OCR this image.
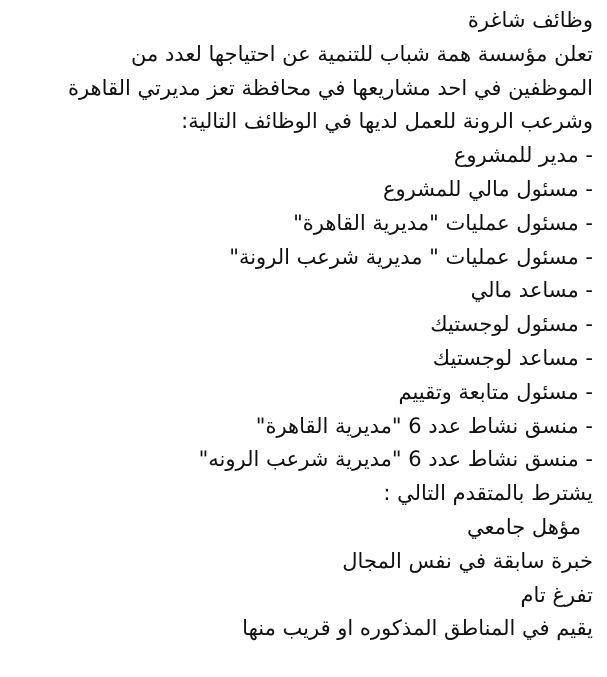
وظائف شاغرة
تعلن مؤسسة همة شباب للتنمية عن احتياجها لعدد من
الموظفين في احد مشاريعها في محافظة تعز مديرتي القاهرة
وشرعب الرونة للعمل لديها في الوظائف التالية:
- مدير للمشروع
- مسئول مالي للمشروع
- مسئول عمليات "مديرية القاهرة"
- مسئول عمليات " مديرية شرعب الرونة"
- مساعد مالي
- مسئول لوجستيك
- مساعد لوجستيك
- مسئول متابعة وتقييم
- منسق نشاط عدد 6 "مديرية القاهرة"
- منسق نشاط عدد 6 "مديرية شرعب الرونه"
يشترط بالمتقدم التالي :
مؤهل جامعي
خبرة سابقة في نفس المجال
تفرغ تام
يقيم في المناطق المذكوره او قريب منها
